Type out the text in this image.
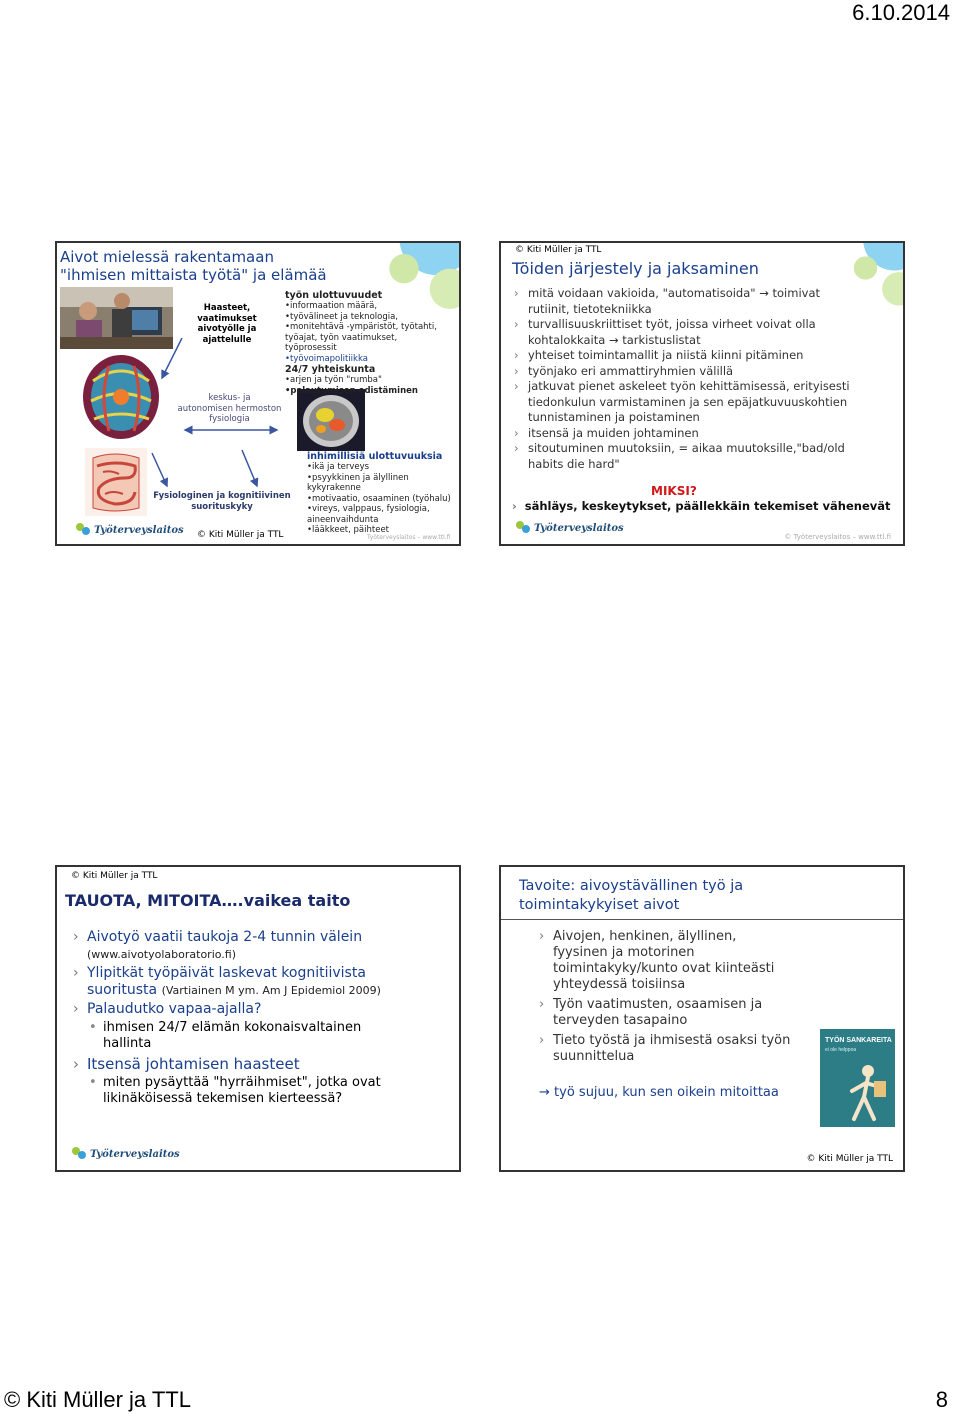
6.10.2014
Aivot mielessä rakentamaan
"ihmisen mittaista työtä" ja elämää
Haasteet,
vaatimukset
aivotyölle ja
ajattelulle
keskus- ja
autonomisen hermoston
fysiologia
Fysiologinen ja kognitiivinen
suorituskyky
työn ulottuvuudet
•informaation määrä,
•työvälineet ja teknologia,
•monitehtävä -ympäristöt, työtahti,
työajat, työn vaatimukset,
työprosessit
•työvoimapolitiikka
24/7 yhteiskunta
•arjen ja työn "rumba"
•palautumisen edistäminen
inhimillisiä ulottuvuuksia
•ikä ja terveys
•psyykkinen ja älyllinen
kykyrakenne
•motivaatio, osaaminen (työhalu)
•vireys, valppaus, fysiologia,
aineenvaihdunta
•lääkkeet, päihteet
Työterveyslaitos – www.ttl.fi
© Kiti Müller ja TTL
Työterveyslaitos
© Kiti Müller ja TTL
Töiden järjestely ja jaksaminen
› mitä voidaan vakioida, "automatisoida" → toimivat
rutiinit, tietotekniikka
› turvallisuuskriittiset työt, joissa virheet voivat olla
kohtalokkaita → tarkistuslistat
› yhteiset toimintamallit ja niistä kiinni pitäminen
› työnjako eri ammattiryhmien välillä
› jatkuvat pienet askeleet työn kehittämisessä, erityisesti
tiedonkulun varmistaminen ja sen epäjatkuvuuskohtien
tunnistaminen ja poistaminen
› itsensä ja muiden johtaminen
› sitoutuminen muutoksiin, = aikaa muutoksille,"bad/old
habits die hard"
MIKSI?
› sähläys, keskeytykset, päällekkäin tekemiset vähenevät
© Työterveyslaitos – www.ttl.fi
Työterveyslaitos
© Kiti Müller ja TTL
TAUOTA, MITOITA….vaikea taito
› Aivotyö vaatii taukoja 2-4 tunnin välein
(www.aivotyolaboratorio.fi)
› Ylipitkät työpäivät laskevat kognitiivista
suoritusta (Vartiainen M ym. Am J Epidemiol 2009)
› Palaudutko vapaa-ajalla?
• ihmisen 24/7 elämän kokonaisvaltainen
hallinta
› Itsensä johtamisen haasteet
• miten pysäyttää "hyrräihmiset", jotka ovat
likinäköisessä tekemisen kierteessä?
Työterveyslaitos
Tavoite: aivoystävällinen työ ja
toimintakykyiset aivot
› Aivojen, henkinen, älyllinen,
fyysinen ja motorinen
toimintakyky/kunto ovat kiinteästi
yhteydessä toisiinsa
› Työn vaatimusten, osaamisen ja
terveyden tasapaino
› Tieto työstä ja ihmisestä osaksi työn
suunnittelua
→ työ sujuu, kun sen oikein mitoittaa
TYÖN SANKAREITA
ei ole helppoa
© Kiti Müller ja TTL
© Kiti Müller ja TTL	8
